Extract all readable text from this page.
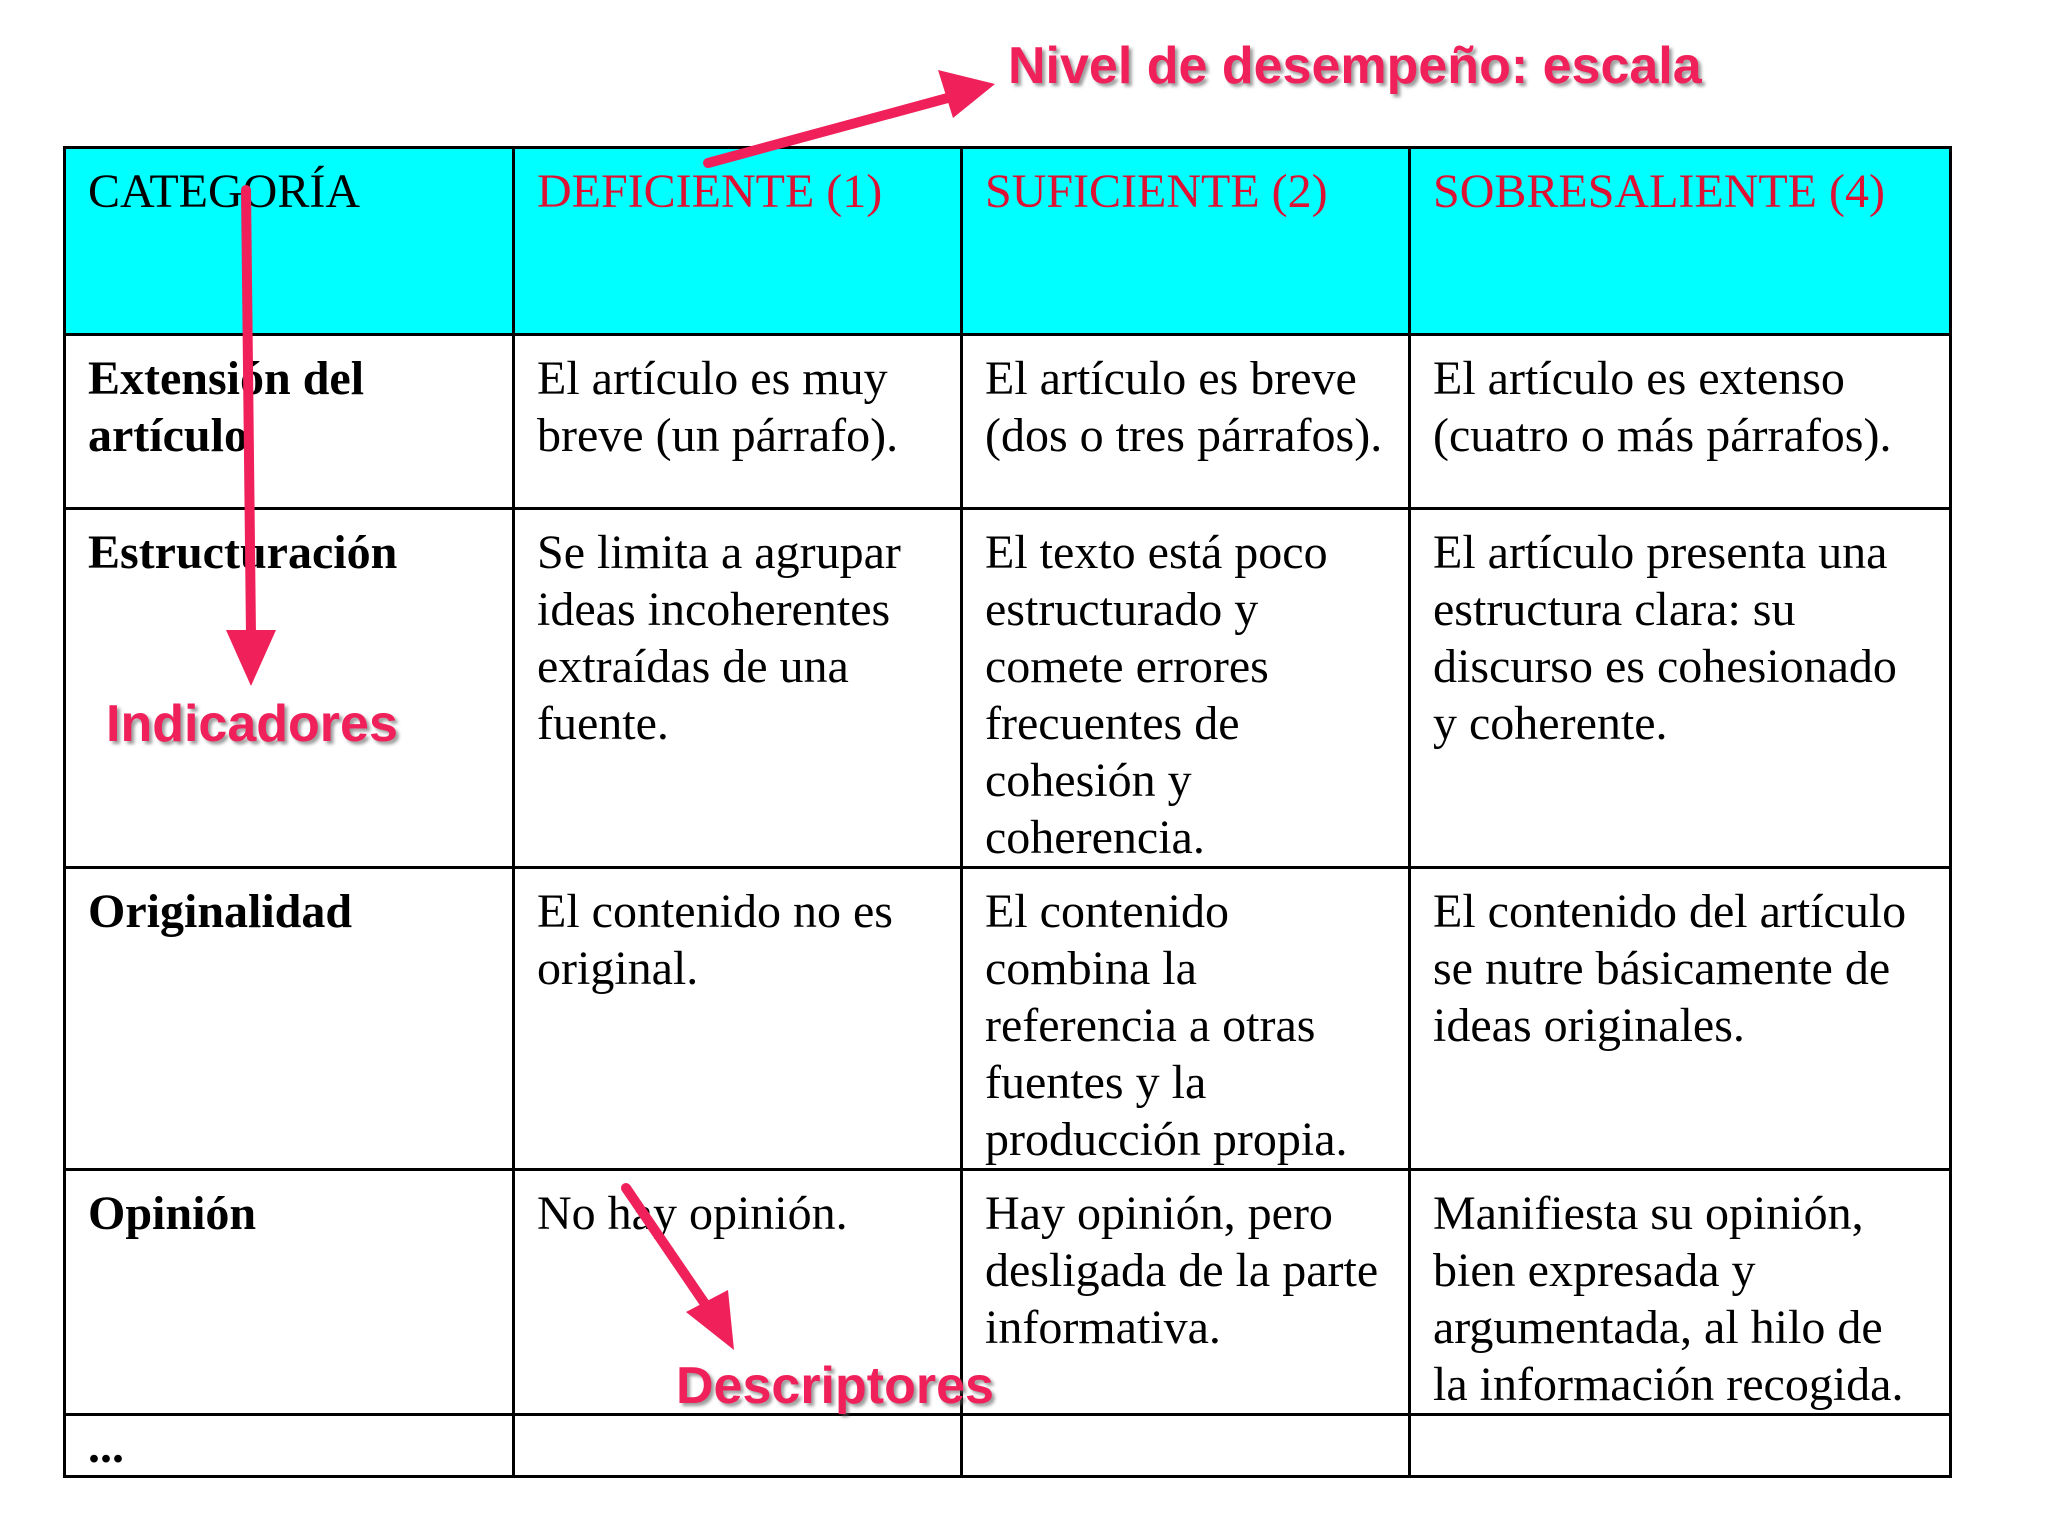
CATEGORÍA	DEFICIENTE (1)	SUFICIENTE (2)	SOBRESALIENTE (4)
Extensión del artículo	El artículo es muy breve (un párrafo).	El artículo es breve (dos o tres párrafos).	El artículo es extenso (cuatro o más párrafos).
Estructuración	Se limita a agrupar ideas incoherentes extraídas de una fuente.	El texto está poco estructurado y comete errores frecuentes de cohesión y coherencia.	El artículo presenta una estructura clara: su discurso es cohesionado y coherente.
Originalidad	El contenido no es original.	El contenido combina la referencia a otras fuentes y la producción propia.	El contenido del artículo se nutre básicamente de ideas originales.
Opinión	No hay opinión.	Hay opinión, pero desligada de la parte informativa.	Manifiesta su opinión, bien expresada y argumentada, al hilo de la información recogida.
...			
Nivel de desempeño: escala
Indicadores
Descriptores
